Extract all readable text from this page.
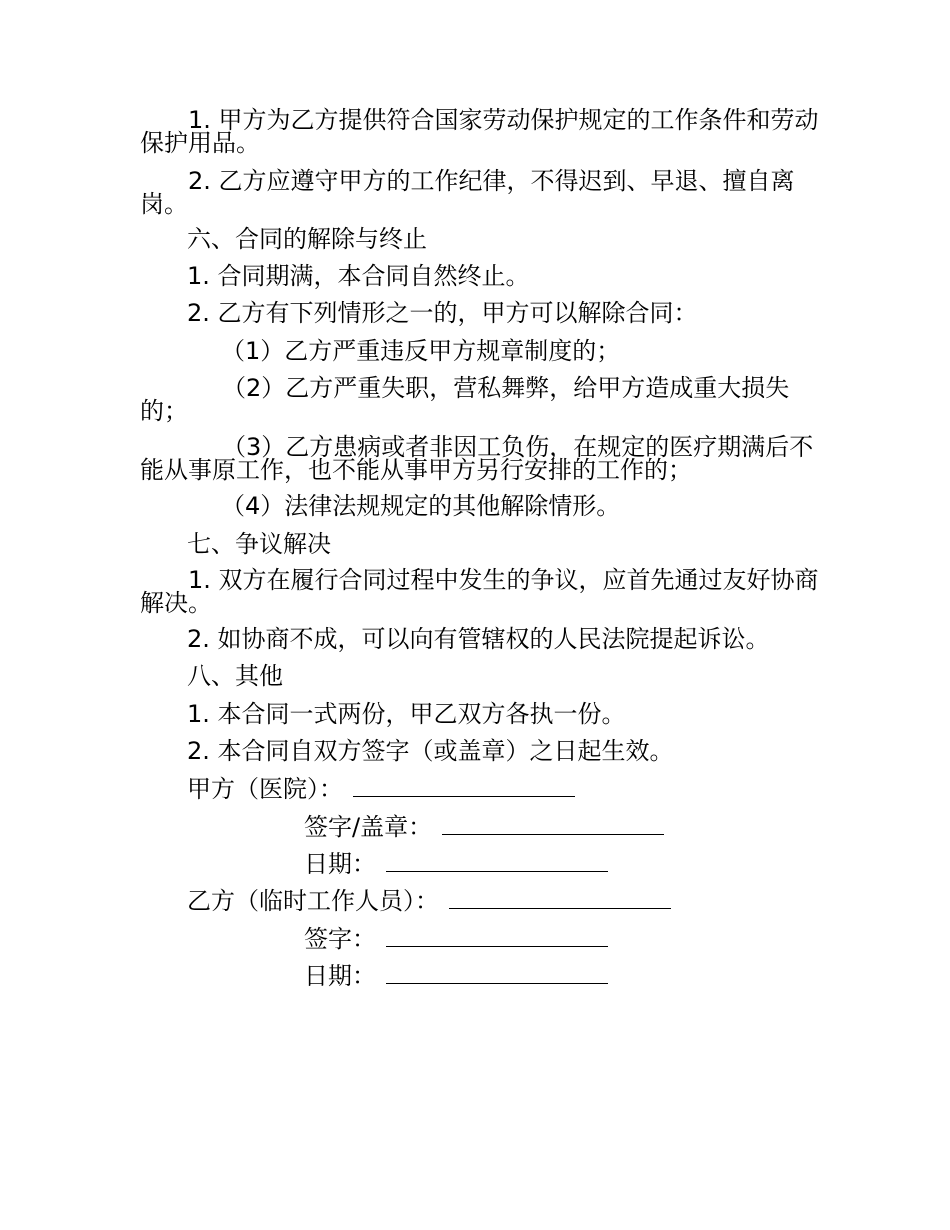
1. 甲方为乙方提供符合国家劳动保护规定的工作条件和劳动保护用品。

2. 乙方应遵守甲方的工作纪律，不得迟到、早退、擅自离岗。

六、合同的解除与终止

1. 合同期满，本合同自然终止。

2. 乙方有下列情形之一的，甲方可以解除合同：

（1）乙方严重违反甲方规章制度的；

（2）乙方严重失职，营私舞弊，给甲方造成重大损失的；

（3）乙方患病或者非因工负伤，在规定的医疗期满后不能从事原工作，也不能从事甲方另行安排的工作的；

（4）法律法规规定的其他解除情形。

七、争议解决

1. 双方在履行合同过程中发生的争议，应首先通过友好协商解决。

2. 如协商不成，可以向有管辖权的人民法院提起诉讼。

八、其他

1. 本合同一式两份，甲乙双方各执一份。

2. 本合同自双方签字（或盖章）之日起生效。

甲方（医院）：

签字/盖章：

日期：

乙方（临时工作人员）：

签字：

日期：
